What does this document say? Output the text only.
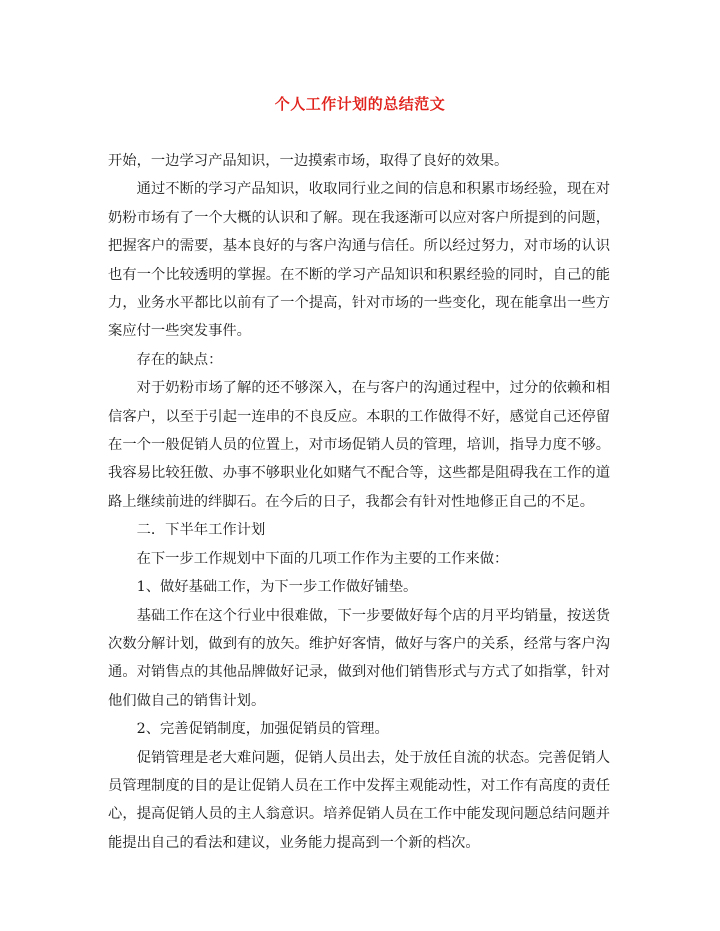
个人工作计划的总结范文

开始，一边学习产品知识，一边摸索市场，取得了良好的效果。

通过不断的学习产品知识，收取同行业之间的信息和积累市场经验，现在对奶粉市场有了一个大概的认识和了解。现在我逐渐可以应对客户所提到的问题，把握客户的需要，基本良好的与客户沟通与信任。所以经过努力，对市场的认识也有一个比较透明的掌握。在不断的学习产品知识和积累经验的同时，自己的能力，业务水平都比以前有了一个提高，针对市场的一些变化，现在能拿出一些方案应付一些突发事件。

存在的缺点：

对于奶粉市场了解的还不够深入，在与客户的沟通过程中，过分的依赖和相信客户，以至于引起一连串的不良反应。本职的工作做得不好，感觉自己还停留在一个一般促销人员的位置上，对市场促销人员的管理，培训，指导力度不够。我容易比较狂傲、办事不够职业化如赌气不配合等，这些都是阻碍我在工作的道路上继续前进的绊脚石。在今后的日子，我都会有针对性地修正自己的不足。

二．下半年工作计划

在下一步工作规划中下面的几项工作作为主要的工作来做：

1、做好基础工作，为下一步工作做好铺垫。

基础工作在这个行业中很难做，下一步要做好每个店的月平均销量，按送货次数分解计划，做到有的放矢。维护好客情，做好与客户的关系，经常与客户沟通。对销售点的其他品牌做好记录，做到对他们销售形式与方式了如指掌，针对他们做自己的销售计划。

2、完善促销制度，加强促销员的管理。

促销管理是老大难问题，促销人员出去，处于放任自流的状态。完善促销人员管理制度的目的是让促销人员在工作中发挥主观能动性，对工作有高度的责任心，提高促销人员的主人翁意识。培养促销人员在工作中能发现问题总结问题并能提出自己的看法和建议，业务能力提高到一个新的档次。
